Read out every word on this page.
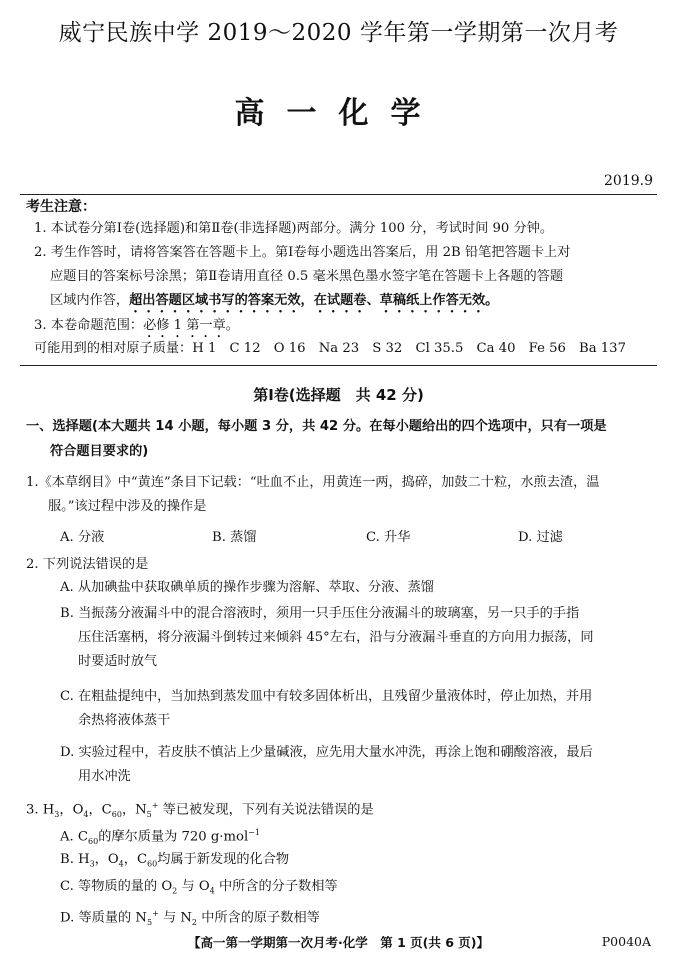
威宁民族中学 2019～2020 学年第一学期第一次月考
高一化学
2019.9
考生注意：
1. 本试卷分第Ⅰ卷(选择题)和第Ⅱ卷(非选择题)两部分。满分 100 分，考试时间 90 分钟。
2. 考生作答时，请将答案答在答题卡上。第Ⅰ卷每小题选出答案后，用 2B 铅笔把答题卡上对
应题目的答案标号涂黑；第Ⅱ卷请用直径 0.5 毫米黑色墨水签字笔在答题卡上各题的答题
区域内作答，超出答题区域书写的答案无效，在试题卷、草稿纸上作答无效。
3. 本卷命题范围：必修 1 第一章。
可能用到的相对原子质量：H 1　C 12　O 16　Na 23　S 32　Cl 35.5　Ca 40　Fe 56　Ba 137
第Ⅰ卷(选择题　共 42 分)
一、选择题(本大题共 14 小题，每小题 3 分，共 42 分。在每小题给出的四个选项中，只有一项是
符合题目要求的)
1.《本草纲目》中“黄连”条目下记载：“吐血不止，用黄连一两，捣碎，加鼓二十粒，水煎去渣，温
服。”该过程中涉及的操作是
A. 分液	B. 蒸馏	C. 升华	D. 过滤
2. 下列说法错误的是
A. 从加碘盐中获取碘单质的操作步骤为溶解、萃取、分液、蒸馏
B. 当振荡分液漏斗中的混合溶液时，须用一只手压住分液漏斗的玻璃塞，另一只手的手指
压住活塞柄，将分液漏斗倒转过来倾斜 45°左右，沿与分液漏斗垂直的方向用力振荡，同
时要适时放气
C. 在粗盐提纯中，当加热到蒸发皿中有较多固体析出，且残留少量液体时，停止加热，并用
余热将液体蒸干
D. 实验过程中，若皮肤不慎沾上少量碱液，应先用大量水冲洗，再涂上饱和硼酸溶液，最后
用水冲洗
3. $H_3$，$O_4$，$C_{60}$，$N_5^+$ 等已被发现，下列有关说法错误的是
A. $C_{60}$的摩尔质量为 720 g·mol$^{-1}$
B. $H_3$，$O_4$，$C_{60}$均属于新发现的化合物
C. 等物质的量的 $O_2$ 与 $O_4$ 中所含的分子数相等
D. 等质量的 $N_5^+$ 与 $N_2$ 中所含的原子数相等
【高一第一学期第一次月考·化学　第 1 页(共 6 页)】	P0040A
